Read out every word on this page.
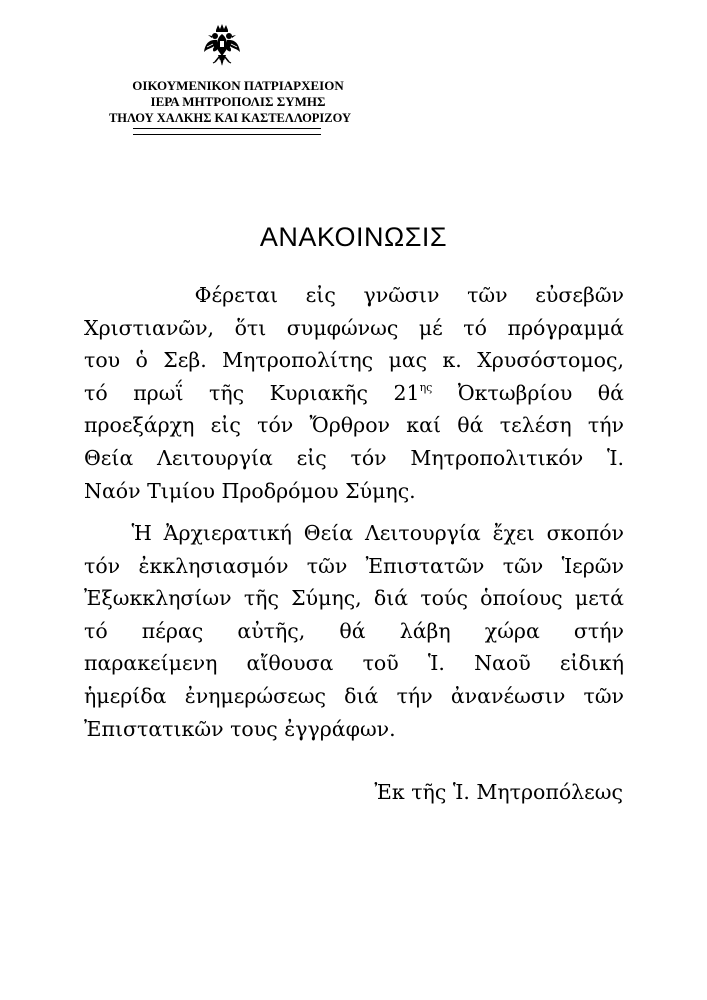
ΟΙΚΟΥΜΕΝΙΚΟΝ ΠΑΤΡΙΑΡΧΕΙΟΝ
ΙΕΡΑ ΜΗΤΡΟΠΟΛΙΣ ΣΥΜΗΣ
ΤΗΛΟΥ ΧΑΛΚΗΣ ΚΑΙ ΚΑΣΤΕΛΛΟΡΙΖΟΥ
ΑΝΑΚΟΙΝΩΣΙΣ
Φέρεται εἰς γνῶσιν τῶν εὐσεβῶν
Χριστιανῶν, ὅτι συμφώνως μέ τό πρόγραμμά
του ὁ Σεβ. Μητροπολίτης μας κ. Χρυσόστομος,
τό πρωΐ τῆς Κυριακῆς $21^{\eta\varsigma}$ Ὀκτωβρίου θά
προεξάρχη εἰς τόν Ὄρθρον καί θά τελέση τήν
Θεία Λειτουργία εἰς τόν Μητροπολιτικόν Ἱ.
Ναόν Τιμίου Προδρόμου Σύμης.
Ἡ Ἀρχιερατική Θεία Λειτουργία ἔχει σκοπόν
τόν ἐκκλησιασμόν τῶν Ἐπιστατῶν τῶν Ἱερῶν
Ἐξωκκλησίων τῆς Σύμης, διά τούς ὁποίους μετά
τό πέρας αὐτῆς, θά λάβη χώρα στήν
παρακείμενη αἴθουσα τοῦ Ἱ. Ναοῦ εἰδική
ἡμερίδα ἐνημερώσεως διά τήν ἀνανέωσιν τῶν
Ἐπιστατικῶν τους ἐγγράφων.
Ἐκ τῆς Ἱ. Μητροπόλεως
